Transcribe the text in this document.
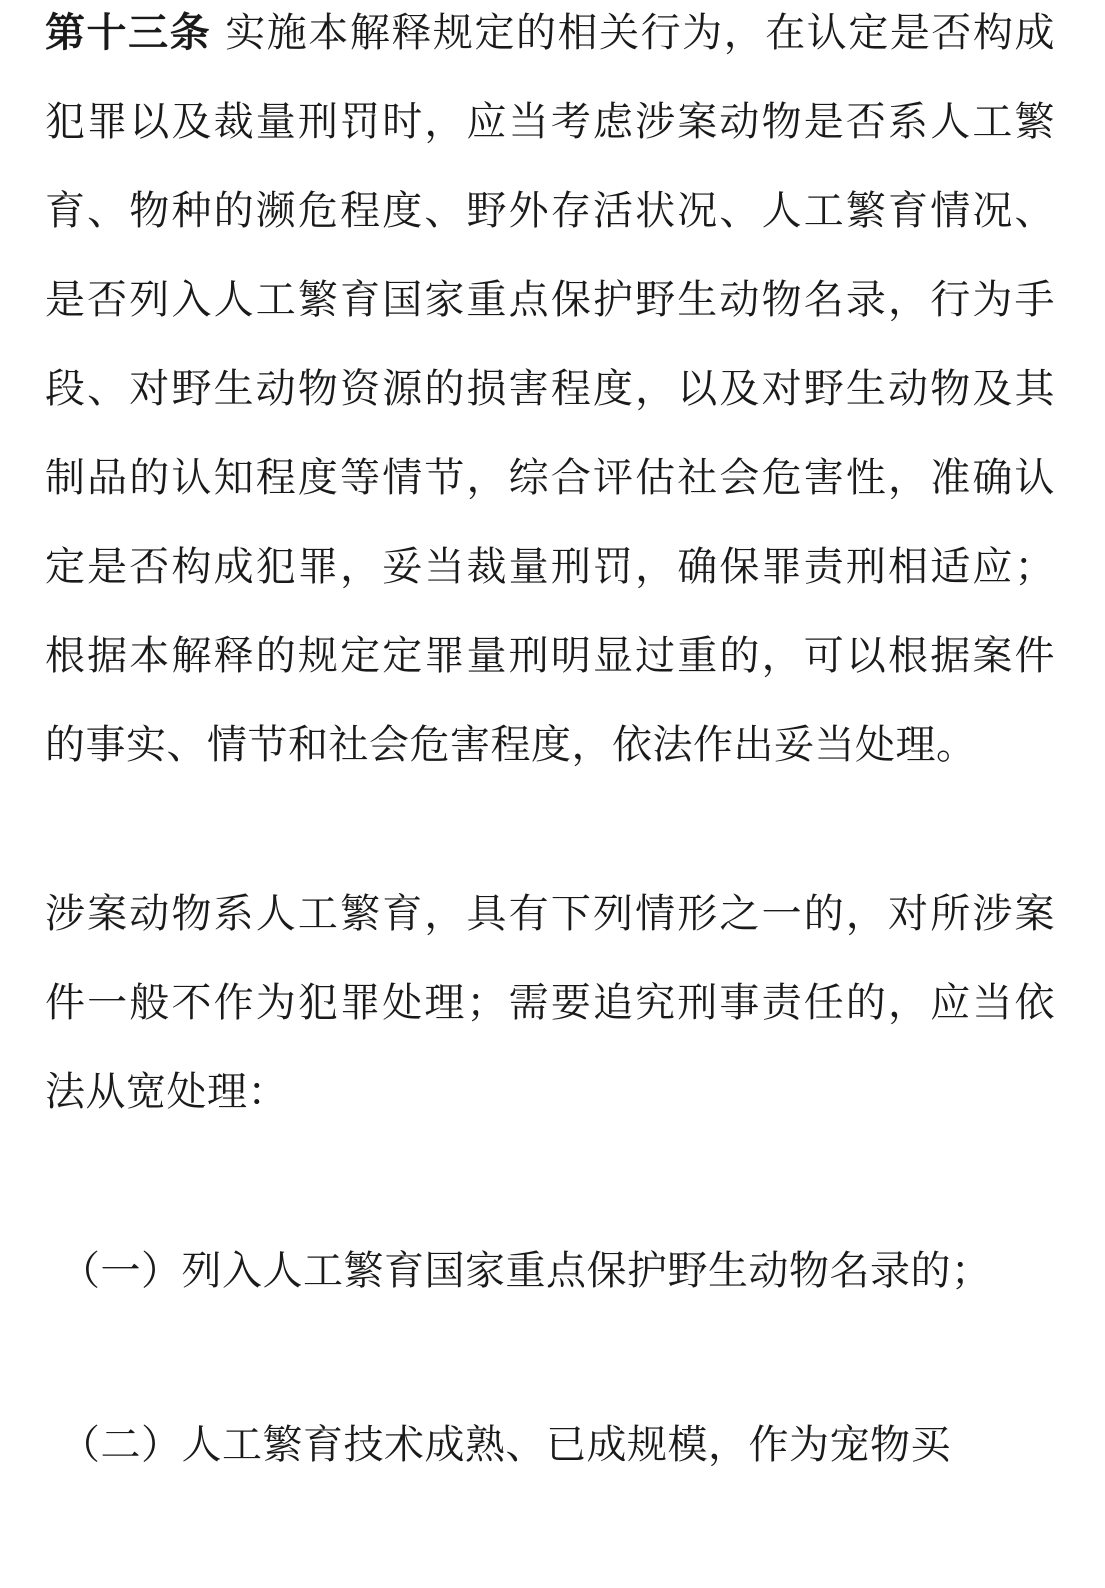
第十三条 实施本解释规定的相关行为，在认定是否构成犯罪以及裁量刑罚时，应当考虑涉案动物是否系人工繁育、物种的濒危程度、野外存活状况、人工繁育情况、是否列入人工繁育国家重点保护野生动物名录，行为手段、对野生动物资源的损害程度，以及对野生动物及其制品的认知程度等情节，综合评估社会危害性，准确认定是否构成犯罪，妥当裁量刑罚，确保罪责刑相适应；根据本解释的规定定罪量刑明显过重的，可以根据案件的事实、情节和社会危害程度，依法作出妥当处理。

涉案动物系人工繁育，具有下列情形之一的，对所涉案件一般不作为犯罪处理；需要追究刑事责任的，应当依法从宽处理：

（一）列入人工繁育国家重点保护野生动物名录的；

（二）人工繁育技术成熟、已成规模，作为宠物买
